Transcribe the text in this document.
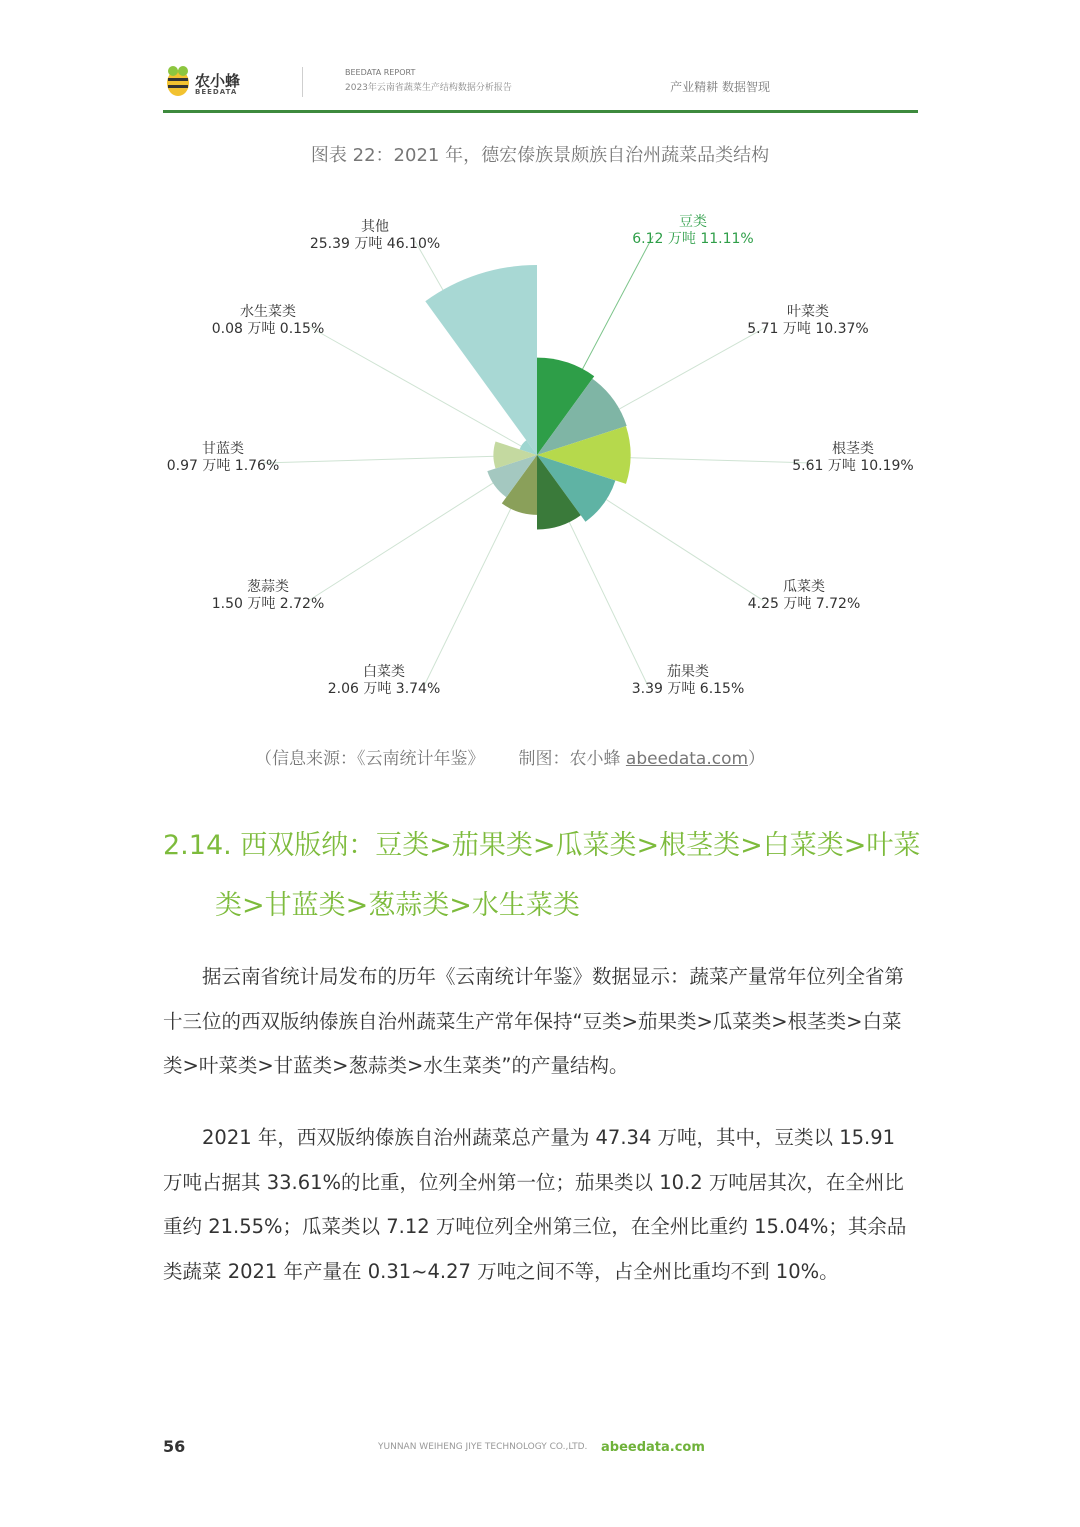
农小蜂
BEEDATA
BEEDATA REPORT
2023年云南省蔬菜生产结构数据分析报告	产业精耕 数据智现
图表 22：2021 年，德宏傣族景颇族自治州蔬菜品类结构
豆类
6.12 万吨 11.11%
叶菜类
5.71 万吨 10.37%
根茎类
5.61 万吨 10.19%
瓜菜类
4.25 万吨 7.72%
茄果类
3.39 万吨 6.15%
白菜类
2.06 万吨 3.74%
葱蒜类
1.50 万吨 2.72%
甘蓝类
0.97 万吨 1.76%
水生菜类
0.08 万吨 0.15%
其他
25.39 万吨 46.10%
（信息来源：《云南统计年鉴》 制图：农小蜂 abeedata.com）
2.14. 西双版纳：豆类>茄果类>瓜菜类>根茎类>白菜类>叶菜
类>甘蓝类>葱蒜类>水生菜类
据云南省统计局发布的历年《云南统计年鉴》数据显示：蔬菜产量常年位列全省第十三位的西双版纳傣族自治州蔬菜生产常年保持“豆类>茄果类>瓜菜类>根茎类>白菜类>叶菜类>甘蓝类>葱蒜类>水生菜类”的产量结构。
2021 年，西双版纳傣族自治州蔬菜总产量为 47.34 万吨，其中，豆类以 15.91 万吨占据其 33.61%的比重，位列全州第一位；茄果类以 10.2 万吨居其次，在全州比重约 21.55%；瓜菜类以 7.12 万吨位列全州第三位，在全州比重约 15.04%；其余品类蔬菜 2021 年产量在 0.31~4.27 万吨之间不等，占全州比重均不到 10%。
56	YUNNAN WEIHENG JIYE TECHNOLOGY CO.,LTD. abeedata.com
